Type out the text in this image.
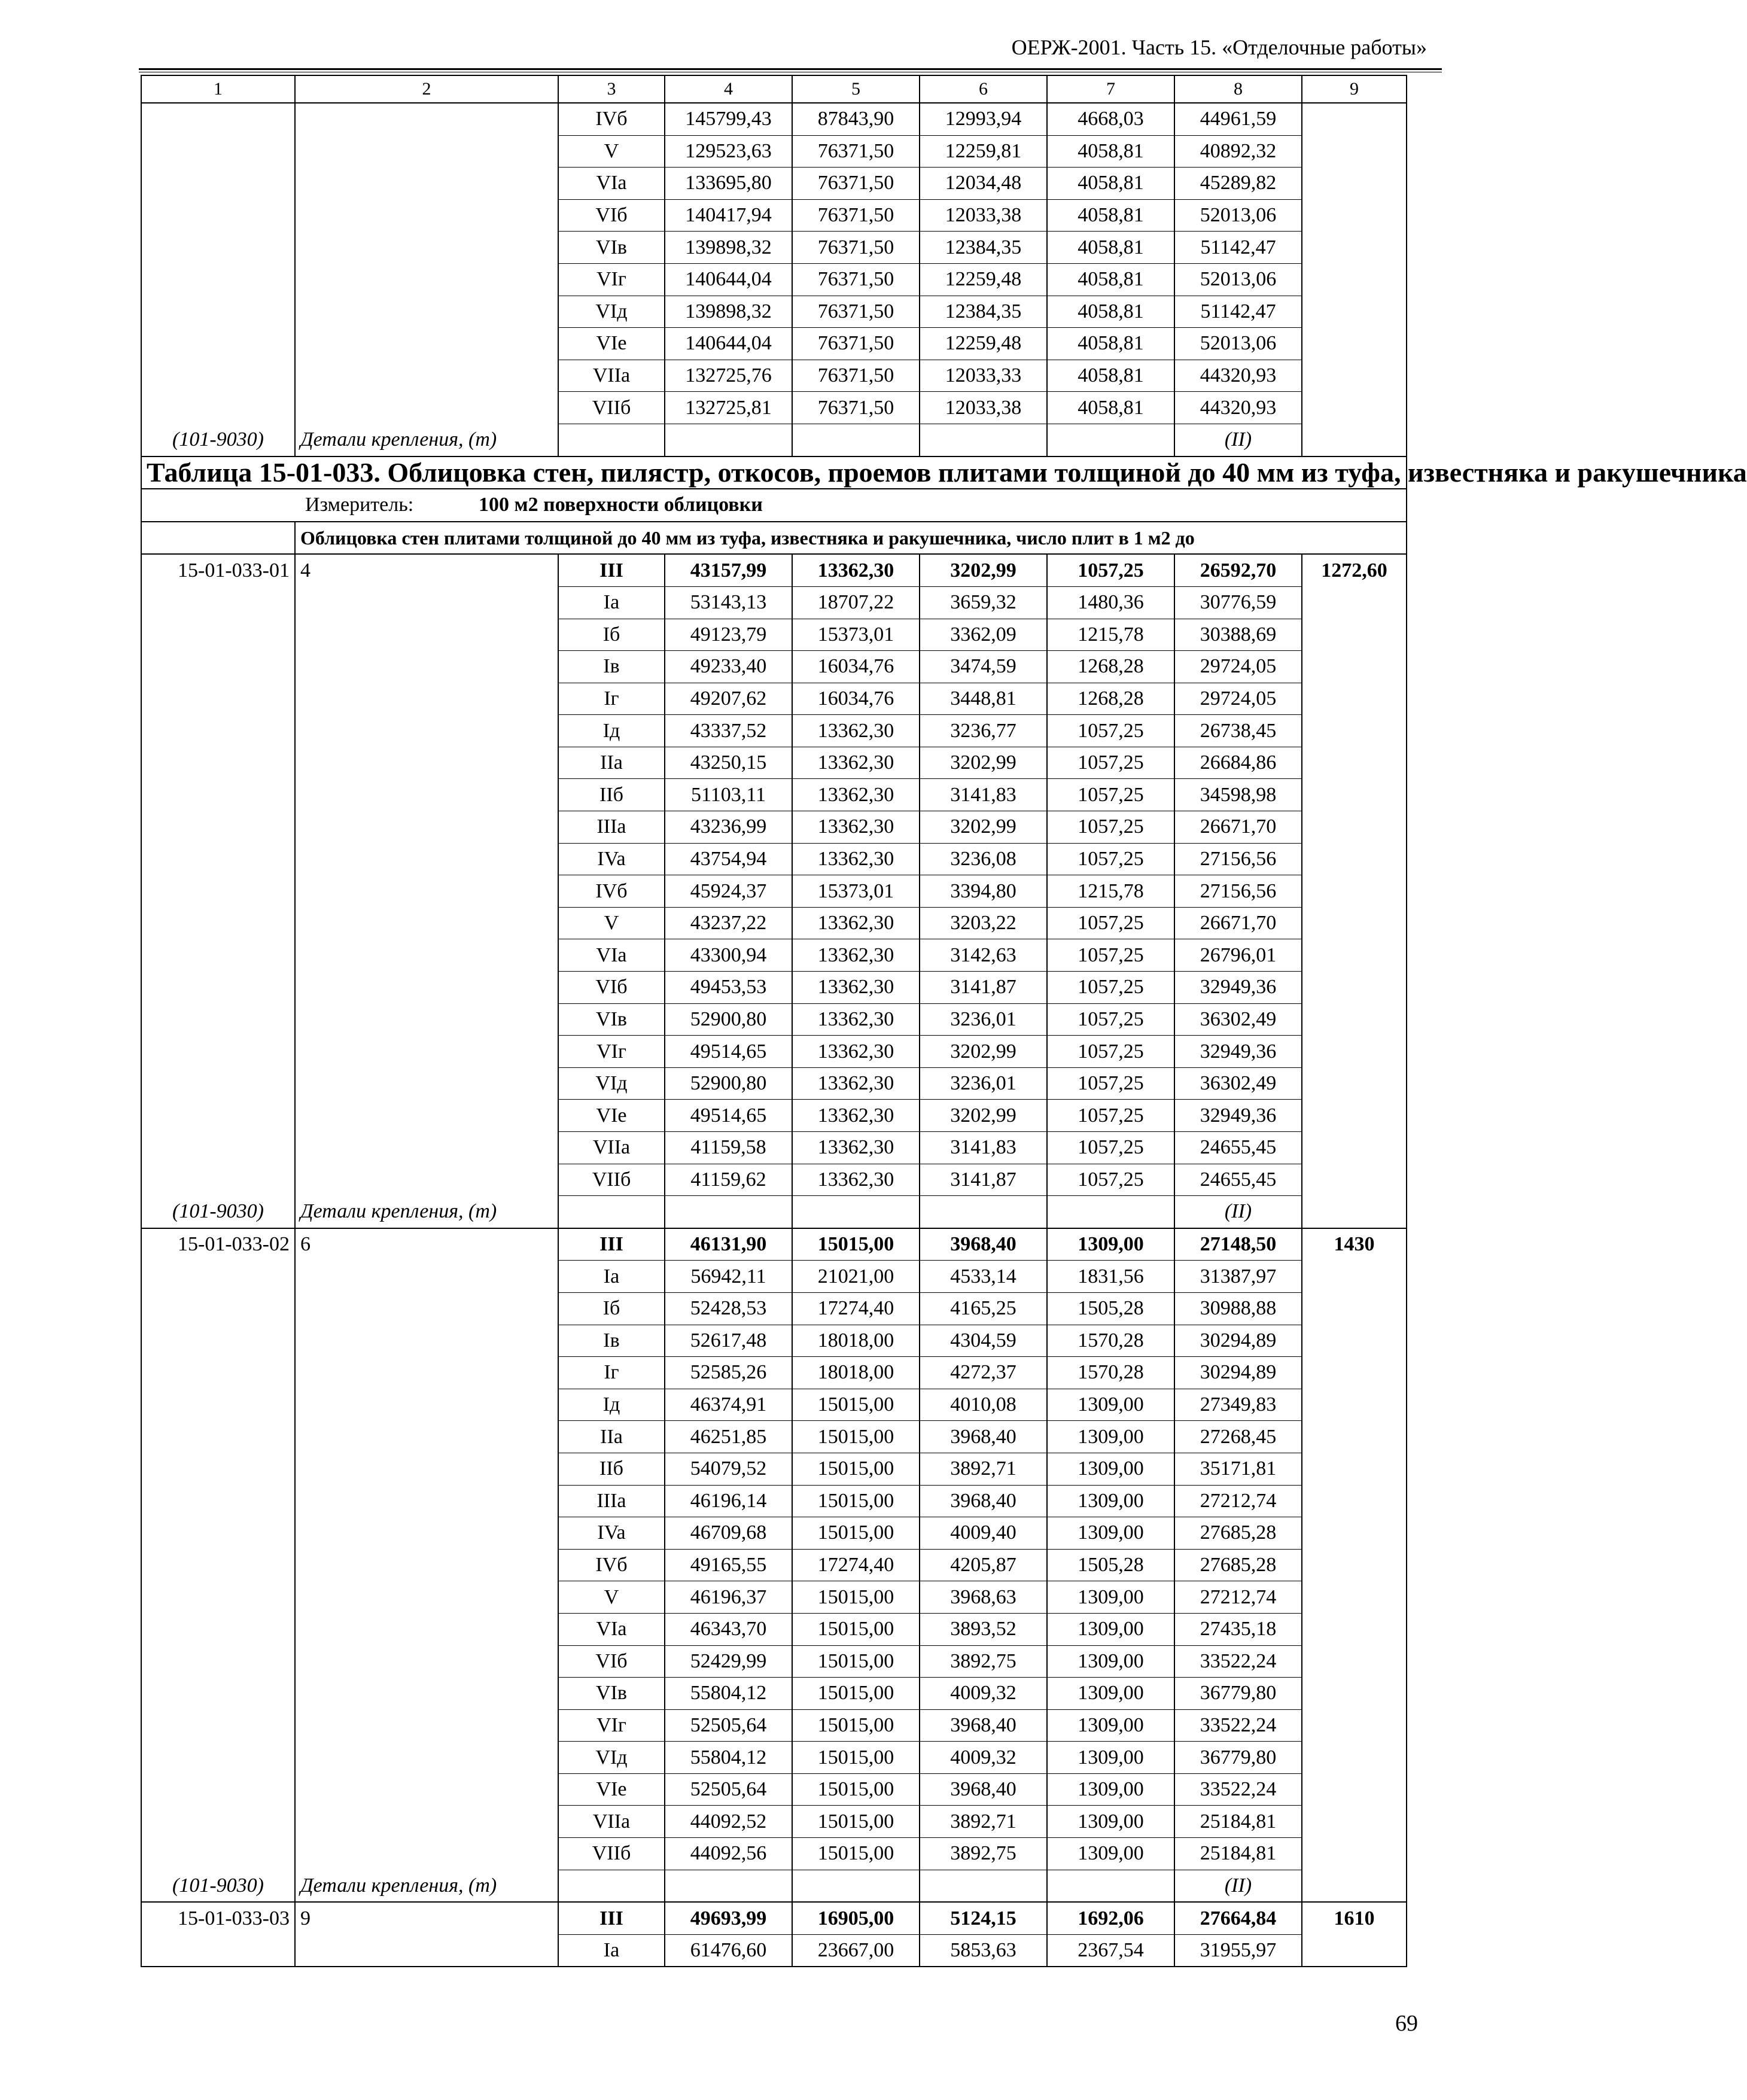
ОЕРЖ-2001. Часть 15. «Отделочные работы»
1	2	3	4	5	6	7	8	9
		IVб	145799,43	87843,90	12993,94	4668,03	44961,59	
		V	129523,63	76371,50	12259,81	4058,81	40892,32	
		VIa	133695,80	76371,50	12034,48	4058,81	45289,82	
		VIб	140417,94	76371,50	12033,38	4058,81	52013,06	
		VIв	139898,32	76371,50	12384,35	4058,81	51142,47	
		VIг	140644,04	76371,50	12259,48	4058,81	52013,06	
		VIд	139898,32	76371,50	12384,35	4058,81	51142,47	
		VIe	140644,04	76371,50	12259,48	4058,81	52013,06	
		VIIa	132725,76	76371,50	12033,33	4058,81	44320,93	
		VIIб	132725,81	76371,50	12033,38	4058,81	44320,93	
(101-9030)	Детали крепления, (т)						(II)	
Таблица 15-01-033. Облицовка стен, пилястр, откосов, проемов плитами толщиной до 40 мм из туфа, известняка и ракушечника								
Измеритель: 100 м2 поверхности облицовки								
	Облицовка стен плитами толщиной до 40 мм из туфа, известняка и ракушечника, число плит в 1 м2 до							
15-01-033-01	4	III	43157,99	13362,30	3202,99	1057,25	26592,70	1272,60
		Ia	53143,13	18707,22	3659,32	1480,36	30776,59	
		Iб	49123,79	15373,01	3362,09	1215,78	30388,69	
		Iв	49233,40	16034,76	3474,59	1268,28	29724,05	
		Iг	49207,62	16034,76	3448,81	1268,28	29724,05	
		Iд	43337,52	13362,30	3236,77	1057,25	26738,45	
		IIa	43250,15	13362,30	3202,99	1057,25	26684,86	
		IIб	51103,11	13362,30	3141,83	1057,25	34598,98	
		IIIa	43236,99	13362,30	3202,99	1057,25	26671,70	
		IVa	43754,94	13362,30	3236,08	1057,25	27156,56	
		IVб	45924,37	15373,01	3394,80	1215,78	27156,56	
		V	43237,22	13362,30	3203,22	1057,25	26671,70	
		VIa	43300,94	13362,30	3142,63	1057,25	26796,01	
		VIб	49453,53	13362,30	3141,87	1057,25	32949,36	
		VIв	52900,80	13362,30	3236,01	1057,25	36302,49	
		VIг	49514,65	13362,30	3202,99	1057,25	32949,36	
		VIд	52900,80	13362,30	3236,01	1057,25	36302,49	
		VIe	49514,65	13362,30	3202,99	1057,25	32949,36	
		VIIa	41159,58	13362,30	3141,83	1057,25	24655,45	
		VIIб	41159,62	13362,30	3141,87	1057,25	24655,45	
(101-9030)	Детали крепления, (т)						(II)	
15-01-033-02	6	III	46131,90	15015,00	3968,40	1309,00	27148,50	1430
		Ia	56942,11	21021,00	4533,14	1831,56	31387,97	
		Iб	52428,53	17274,40	4165,25	1505,28	30988,88	
		Iв	52617,48	18018,00	4304,59	1570,28	30294,89	
		Iг	52585,26	18018,00	4272,37	1570,28	30294,89	
		Iд	46374,91	15015,00	4010,08	1309,00	27349,83	
		IIa	46251,85	15015,00	3968,40	1309,00	27268,45	
		IIб	54079,52	15015,00	3892,71	1309,00	35171,81	
		IIIa	46196,14	15015,00	3968,40	1309,00	27212,74	
		IVa	46709,68	15015,00	4009,40	1309,00	27685,28	
		IVб	49165,55	17274,40	4205,87	1505,28	27685,28	
		V	46196,37	15015,00	3968,63	1309,00	27212,74	
		VIa	46343,70	15015,00	3893,52	1309,00	27435,18	
		VIб	52429,99	15015,00	3892,75	1309,00	33522,24	
		VIв	55804,12	15015,00	4009,32	1309,00	36779,80	
		VIг	52505,64	15015,00	3968,40	1309,00	33522,24	
		VIд	55804,12	15015,00	4009,32	1309,00	36779,80	
		VIe	52505,64	15015,00	3968,40	1309,00	33522,24	
		VIIa	44092,52	15015,00	3892,71	1309,00	25184,81	
		VIIб	44092,56	15015,00	3892,75	1309,00	25184,81	
(101-9030)	Детали крепления, (т)						(II)	
15-01-033-03	9	III	49693,99	16905,00	5124,15	1692,06	27664,84	1610
		Ia	61476,60	23667,00	5853,63	2367,54	31955,97	
69
